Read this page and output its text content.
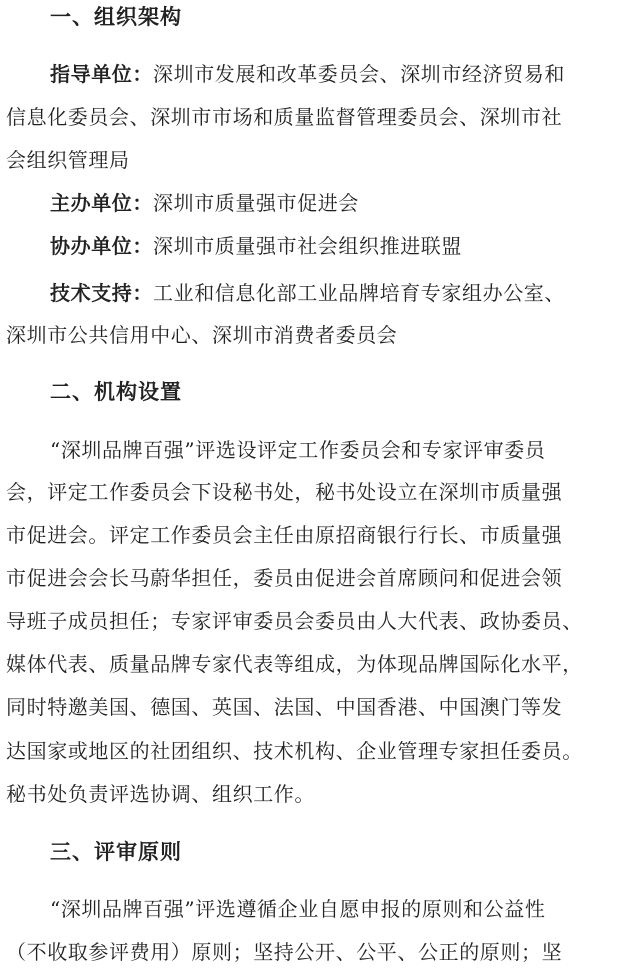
一、组织架构
指导单位：深圳市发展和改革委员会、深圳市经济贸易和
信息化委员会、深圳市市场和质量监督管理委员会、深圳市社
会组织管理局
主办单位：深圳市质量强市促进会
协办单位：深圳市质量强市社会组织推进联盟
技术支持：工业和信息化部工业品牌培育专家组办公室、
深圳市公共信用中心、深圳市消费者委员会
二、机构设置
“深圳品牌百强”评选设评定工作委员会和专家评审委员
会，评定工作委员会下设秘书处，秘书处设立在深圳市质量强
市促进会。评定工作委员会主任由原招商银行行长、市质量强
市促进会会长马蔚华担任，委员由促进会首席顾问和促进会领
导班子成员担任；专家评审委员会委员由人大代表、政协委员、
媒体代表、质量品牌专家代表等组成，为体现品牌国际化水平，
同时特邀美国、德国、英国、法国、中国香港、中国澳门等发
达国家或地区的社团组织、技术机构、企业管理专家担任委员。
秘书处负责评选协调、组织工作。
三、评审原则
“深圳品牌百强”评选遵循企业自愿申报的原则和公益性
（不收取参评费用）原则；坚持公开、公平、公正的原则；坚
